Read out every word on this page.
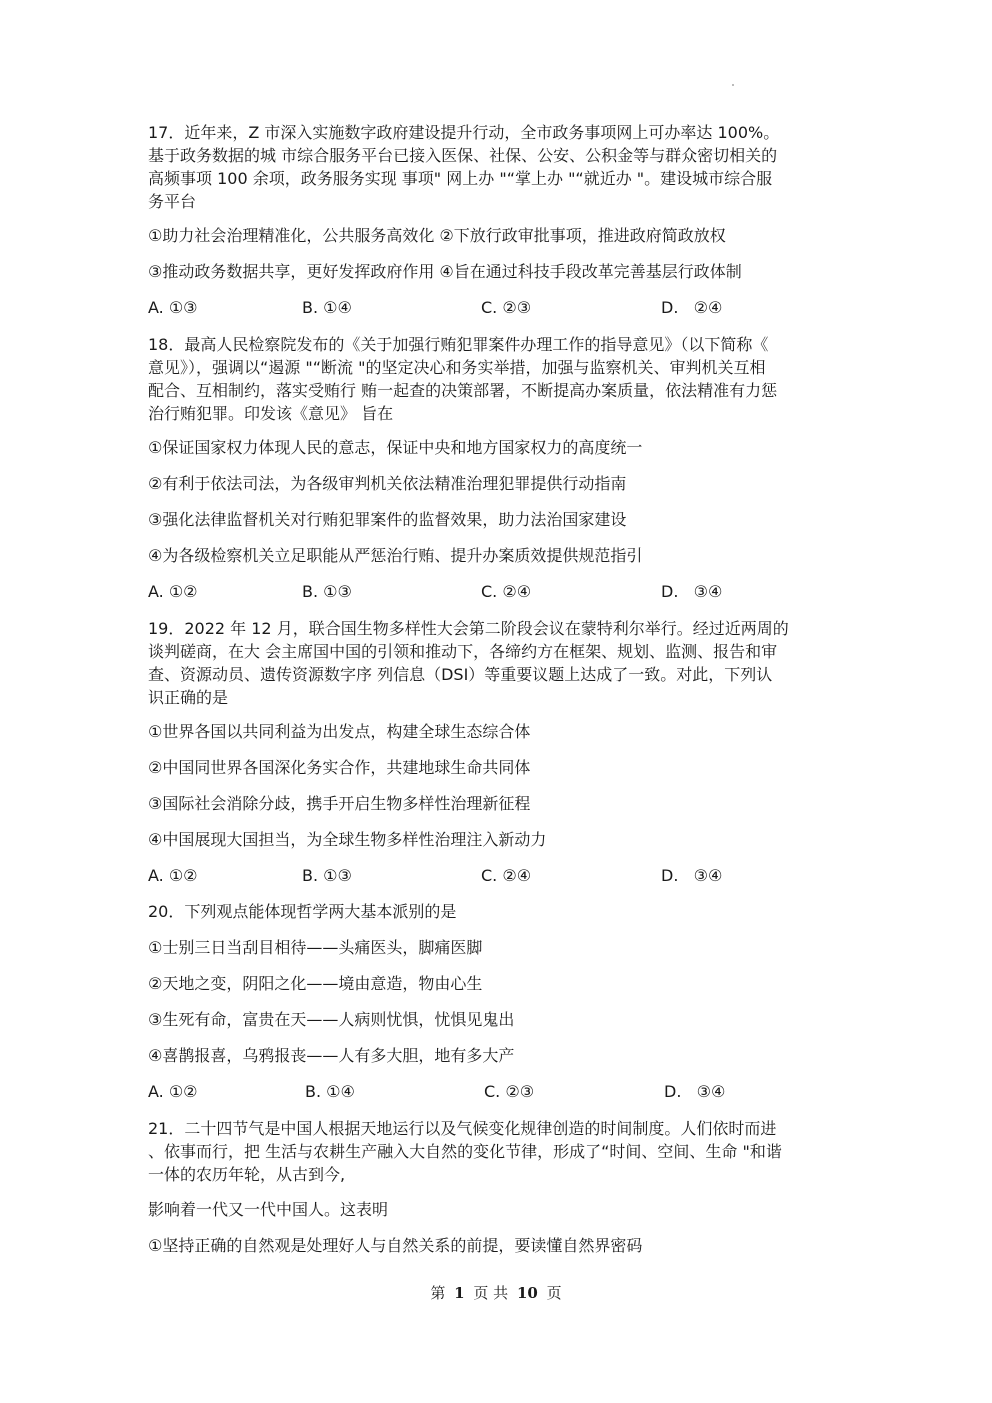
17．近年来，Z 市深入实施数字政府建设提升行动，全市政务事项网上可办率达 100%。

基于政务数据的城 市综合服务平台已接入医保、社保、公安、公积金等与群众密切相关的

高频事项 100 余项，政务服务实现 事项" 网上办 "“掌上办 "“就近办 "。建设城市综合服

务平台

①助力社会治理精准化，公共服务高效化 ②下放行政审批事项，推进政府简政放权
③推动政务数据共享，更好发挥政府作用 ④旨在通过科技手段改革完善基层行政体制
A. ①③	B. ①④	C. ②③	D.   ②④

18．最高人民检察院发布的《关于加强行贿犯罪案件办理工作的指导意见》（以下简称《

意见》），强调以“遏源 "“断流 "的坚定决心和务实举措，加强与监察机关、审判机关互相

配合、互相制约，落实受贿行 贿一起查的决策部署，不断提高办案质量，依法精准有力惩

治行贿犯罪。印发该《意见》 旨在

①保证国家权力体现人民的意志，保证中央和地方国家权力的高度统一
②有利于依法司法，为各级审判机关依法精准治理犯罪提供行动指南
③强化法律监督机关对行贿犯罪案件的监督效果，助力法治国家建设
④为各级检察机关立足职能从严惩治行贿、提升办案质效提供规范指引
A. ①②	B. ①③	C. ②④	D.   ③④

19．2022 年 12 月，联合国生物多样性大会第二阶段会议在蒙特利尔举行。经过近两周的

谈判磋商，在大 会主席国中国的引领和推动下，各缔约方在框架、规划、监测、报告和审

查、资源动员、遗传资源数字序 列信息（DSI）等重要议题上达成了一致。对此，下列认

识正确的是

①世界各国以共同利益为出发点，构建全球生态综合体
②中国同世界各国深化务实合作，共建地球生命共同体
③国际社会消除分歧，携手开启生物多样性治理新征程
④中国展现大国担当，为全球生物多样性治理注入新动力
A. ①②	B. ①③	C. ②④	D.   ③④
20．下列观点能体现哲学两大基本派别的是
①士别三日当刮目相待——头痛医头，脚痛医脚
②天地之变，阴阳之化——境由意造，物由心生
③生死有命，富贵在天——人病则忧惧，忧惧见鬼出
④喜鹊报喜，乌鸦报丧——人有多大胆，地有多大产
A. ①②	B. ①④	C. ②③	D.   ③④

21．二十四节气是中国人根据天地运行以及气候变化规律创造的时间制度。人们依时而进

、依事而行，把 生活与农耕生产融入大自然的变化节律，形成了“时间、空间、生命 "和谐

一体的农历年轮，从古到今,

影响着一代又一代中国人。这表明
①坚持正确的自然观是处理好人与自然关系的前提，要读懂自然界密码
第 1 页 共 10 页
